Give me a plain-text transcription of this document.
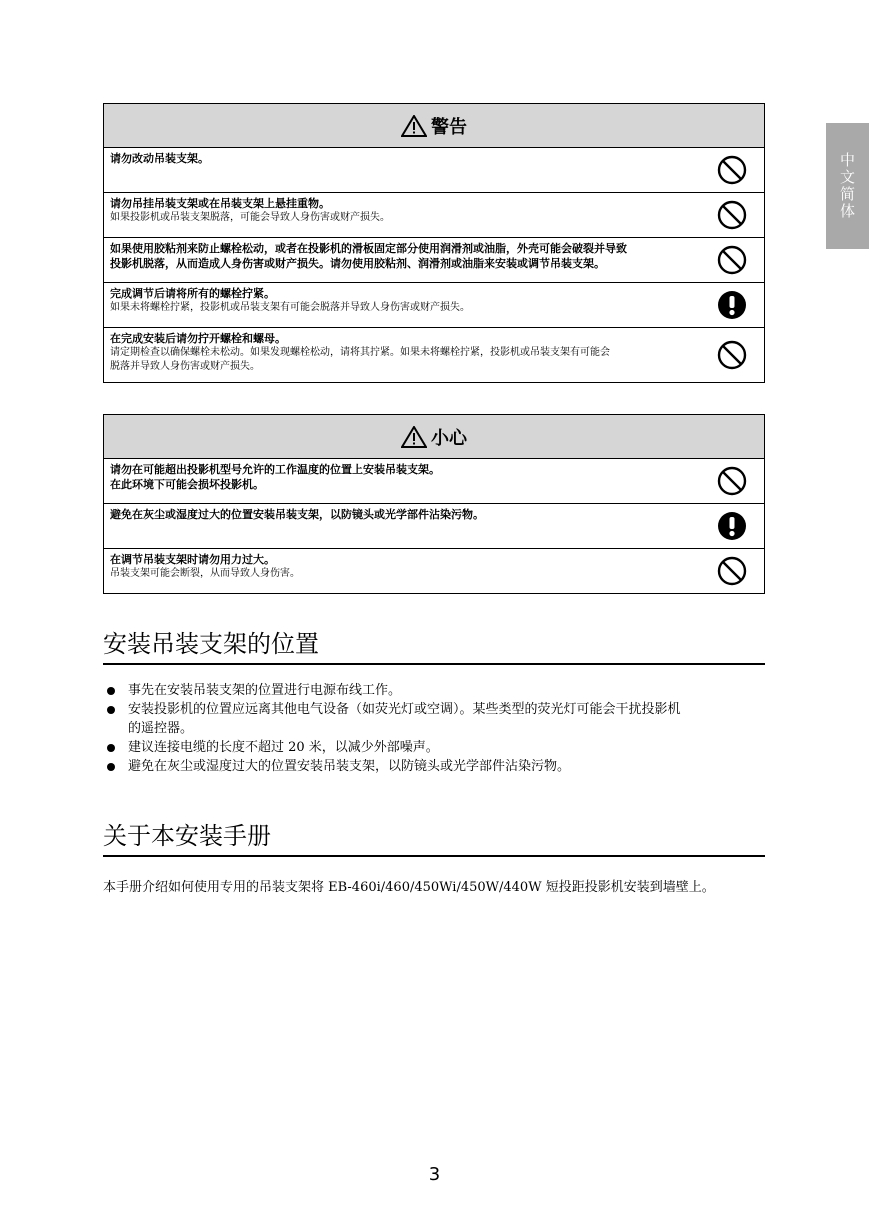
中文简体
警告
请勿改动吊装支架。
请勿吊挂吊装支架或在吊装支架上悬挂重物。
如果投影机或吊装支架脱落，可能会导致人身伤害或财产损失。
如果使用胶粘剂来防止螺栓松动，或者在投影机的滑板固定部分使用润滑剂或油脂，外壳可能会破裂并导致
投影机脱落，从而造成人身伤害或财产损失。请勿使用胶粘剂、润滑剂或油脂来安装或调节吊装支架。
完成调节后请将所有的螺栓拧紧。
如果未将螺栓拧紧，投影机或吊装支架有可能会脱落并导致人身伤害或财产损失。
在完成安装后请勿拧开螺栓和螺母。
请定期检查以确保螺栓未松动。如果发现螺栓松动，请将其拧紧。如果未将螺栓拧紧，投影机或吊装支架有可能会
脱落并导致人身伤害或财产损失。
小心
请勿在可能超出投影机型号允许的工作温度的位置上安装吊装支架。
在此环境下可能会损坏投影机。
避免在灰尘或湿度过大的位置安装吊装支架，以防镜头或光学部件沾染污物。
在调节吊装支架时请勿用力过大。
吊装支架可能会断裂，从而导致人身伤害。
安装吊装支架的位置
事先在安装吊装支架的位置进行电源布线工作。
安装投影机的位置应远离其他电气设备（如荧光灯或空调）。某些类型的荧光灯可能会干扰投影机
的遥控器。
建议连接电缆的长度不超过 20 米，以减少外部噪声。
避免在灰尘或湿度过大的位置安装吊装支架，以防镜头或光学部件沾染污物。
关于本安装手册
本手册介绍如何使用专用的吊装支架将 EB-460i/460/450Wi/450W/440W 短投距投影机安装到墙壁上。
3
